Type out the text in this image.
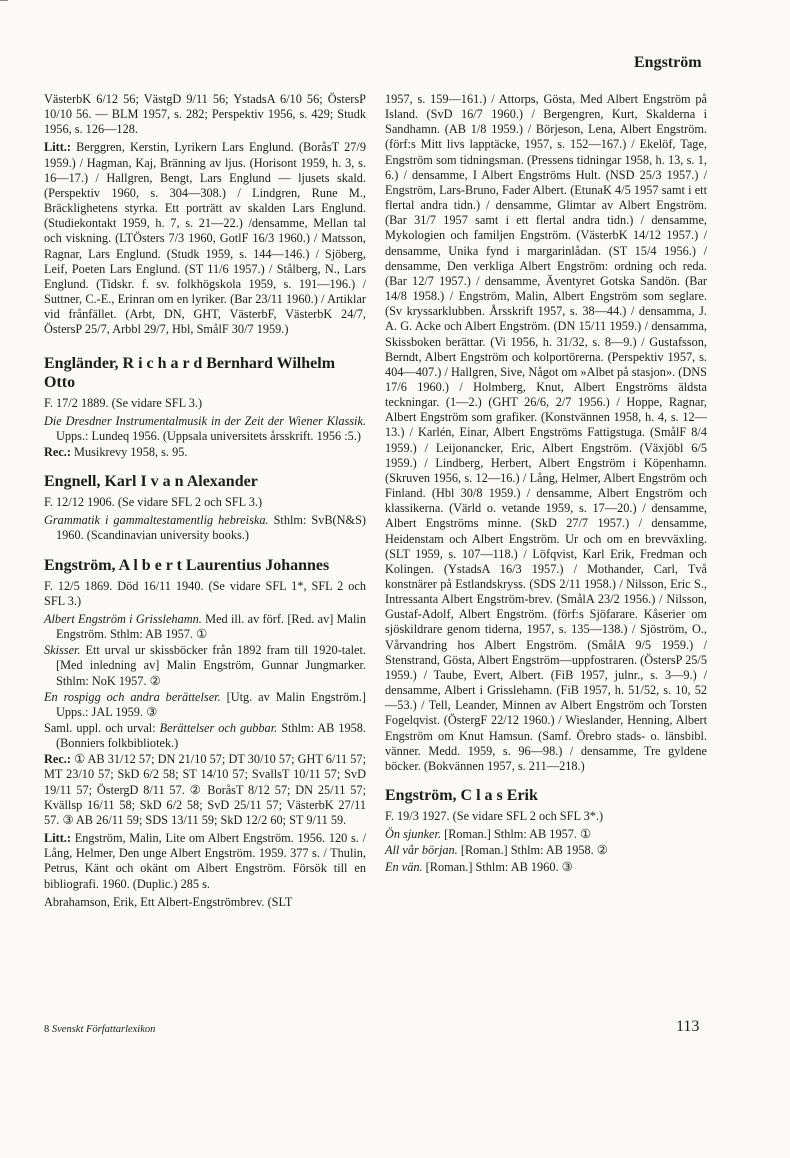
Engström

VästerbK 6/12 56; VästgD 9/11 56; YstadsA 6/10 56; ÖstersP 10/10 56. — BLM 1957, s. 282; Perspektiv 1956, s. 429; Studk 1956, s. 126—128.

Litt.: Berggren, Kerstin, Lyrikern Lars Englund. (BoråsT 27/9 1959.) / Hagman, Kaj, Bränning av ljus. (Horisont 1959, h. 3, s. 16—17.) / Hallgren, Bengt, Lars Englund — ljusets skald. (Perspektiv 1960, s. 304—308.) / Lindgren, Rune M., Bräcklighetens styrka. Ett porträtt av skalden Lars Englund. (Studiekontakt 1959, h. 7, s. 21—22.) /densamme, Mellan tal och viskning. (LTÖsters 7/3 1960, GotlF 16/3 1960.) / Matsson, Ragnar, Lars Englund. (Studk 1959, s. 144—146.) / Sjöberg, Leif, Poeten Lars Englund. (ST 11/6 1957.) / Stålberg, N., Lars Englund. (Tidskr. f. sv. folkhögskola 1959, s. 191—196.) / Suttner, C.-E., Erinran om en lyriker. (Bar 23/11 1960.) / Artiklar vid frånfället. (Arbt, DN, GHT, VästerbF, VästerbK 24/7, ÖstersP 25/7, Arbbl 29/7, Hbl, SmålF 30/7 1959.)

Engländer, R i c h a r d Bernhard Wilhelm Otto

F. 17/2 1889. (Se vidare SFL 3.)

Die Dresdner Instrumentalmusik in der Zeit der Wiener Klassik. Upps.: Lundeq 1956. (Uppsala universitets årsskrift. 1956 :5.)

Rec.: Musikrevy 1958, s. 95.

Engnell, Karl I v a n Alexander

F. 12/12 1906. (Se vidare SFL 2 och SFL 3.)

Grammatik i gammaltestamentlig hebreiska. Sthlm: SvB(N&S) 1960. (Scandinavian university books.)

Engström, A l b e r t Laurentius Johannes

F. 12/5 1869. Död 16/11 1940. (Se vidare SFL 1*, SFL 2 och SFL 3.)

Albert Engström i Grisslehamn. Med ill. av förf. [Red. av] Malin Engström. Sthlm: AB 1957. ①

Skisser. Ett urval ur skissböcker från 1892 fram till 1920-talet. [Med inledning av] Malin Engström, Gunnar Jungmarker. Sthlm: NoK 1957. ②

En rospigg och andra berättelser. [Utg. av Malin Engström.] Upps.: JAL 1959. ③

Saml. uppl. och urval: Berättelser och gubbar. Sthlm: AB 1958. (Bonniers folkbibliotek.)

Rec.: ① AB 31/12 57; DN 21/10 57; DT 30/10 57; GHT 6/11 57; MT 23/10 57; SkD 6/2 58; ST 14/10 57; SvallsT 10/11 57; SvD 19/11 57; ÖstergD 8/11 57. ② BoråsT 8/12 57; DN 25/11 57; Kvällsp 16/11 58; SkD 6/2 58; SvD 25/11 57; VästerbK 27/11 57. ③ AB 26/11 59; SDS 13/11 59; SkD 12/2 60; ST 9/11 59.

Litt.: Engström, Malin, Lite om Albert Engström. 1956. 120 s. / Lång, Helmer, Den unge Albert Engström. 1959. 377 s. / Thulin, Petrus, Känt och okänt om Albert Engström. Försök till en bibliografi. 1960. (Duplic.) 285 s.

Abrahamson, Erik, Ett Albert-Engströmbrev. (SLT

1957, s. 159—161.) / Attorps, Gösta, Med Albert Engström på Island. (SvD 16/7 1960.) / Bergengren, Kurt, Skalderna i Sandhamn. (AB 1/8 1959.) / Börjeson, Lena, Albert Engström. (förf:s Mitt livs lapptäcke, 1957, s. 152—167.) / Ekelöf, Tage, Engström som tidningsman. (Pressens tidningar 1958, h. 13, s. 1, 6.) / densamme, I Albert Engströms Hult. (NSD 25/3 1957.) / Engström, Lars-Bruno, Fader Albert. (EtunaK 4/5 1957 samt i ett flertal andra tidn.) / densamme, Glimtar av Albert Engström. (Bar 31/7 1957 samt i ett flertal andra tidn.) / densamme, Mykologien och familjen Engström. (VästerbK 14/12 1957.) / densamme, Unika fynd i margarinlådan. (ST 15/4 1956.) / densamme, Den verkliga Albert Engström: ordning och reda. (Bar 12/7 1957.) / densamme, Äventyret Gotska Sandön. (Bar 14/8 1958.) / Engström, Malin, Albert Engström som seglare. (Sv kryssarklubben. Årsskrift 1957, s. 38—44.) / densamma, J. A. G. Acke och Albert Engström. (DN 15/11 1959.) / densamma, Skissboken berättar. (Vi 1956, h. 31/32, s. 8—9.) / Gustafsson, Berndt, Albert Engström och kolportörerna. (Perspektiv 1957, s. 404—407.) / Hallgren, Sive, Något om »Albet på stasjon». (DNS 17/6 1960.) / Holmberg, Knut, Albert Engströms äldsta teckningar. (1—2.) (GHT 26/6, 2/7 1956.) / Hoppe, Ragnar, Albert Engström som grafiker. (Konstvännen 1958, h. 4, s. 12—13.) / Karlén, Einar, Albert Engströms Fattigstuga. (SmålF 8/4 1959.) / Leijonancker, Eric, Albert Engström. (Växjöbl 6/5 1959.) / Lindberg, Herbert, Albert Engström i Köpenhamn. (Skruven 1956, s. 12—16.) / Lång, Helmer, Albert Engström och Finland. (Hbl 30/8 1959.) / densamme, Albert Engström och klassikerna. (Värld o. vetande 1959, s. 17—20.) / densamme, Albert Engströms minne. (SkD 27/7 1957.) / densamme, Heidenstam och Albert Engström. Ur och om en brevväxling. (SLT 1959, s. 107—118.) / Löfqvist, Karl Erik, Fredman och Kolingen. (YstadsA 16/3 1957.) / Mothander, Carl, Två konstnärer på Estlandskryss. (SDS 2/11 1958.) / Nilsson, Eric S., Intressanta Albert Engström-brev. (SmålA 23/2 1956.) / Nilsson, Gustaf-Adolf, Albert Engström. (förf:s Sjöfarare. Kåserier om sjöskildrare genom tiderna, 1957, s. 135—138.) / Sjöström, O., Vårvandring hos Albert Engström. (SmålA 9/5 1959.) / Stenstrand, Gösta, Albert Engström—uppfostraren. (ÖstersP 25/5 1959.) / Taube, Evert, Albert. (FiB 1957, julnr., s. 3—9.) / densamme, Albert i Grisslehamn. (FiB 1957, h. 51/52, s. 10, 52—53.) / Tell, Leander, Minnen av Albert Engström och Torsten Fogelqvist. (ÖstergF 22/12 1960.) / Wieslander, Henning, Albert Engström om Knut Hamsun. (Samf. Örebro stads- o. länsbibl. vänner. Medd. 1959, s. 96—98.) / densamme, Tre gyldene böcker. (Bokvännen 1957, s. 211—218.)

Engström, C l a s Erik

F. 19/3 1927. (Se vidare SFL 2 och SFL 3*.)

Ön sjunker. [Roman.] Sthlm: AB 1957. ①

All vår början. [Roman.] Sthlm: AB 1958. ②

En vän. [Roman.] Sthlm: AB 1960. ③

8 Svenskt Författarlexikon	113
